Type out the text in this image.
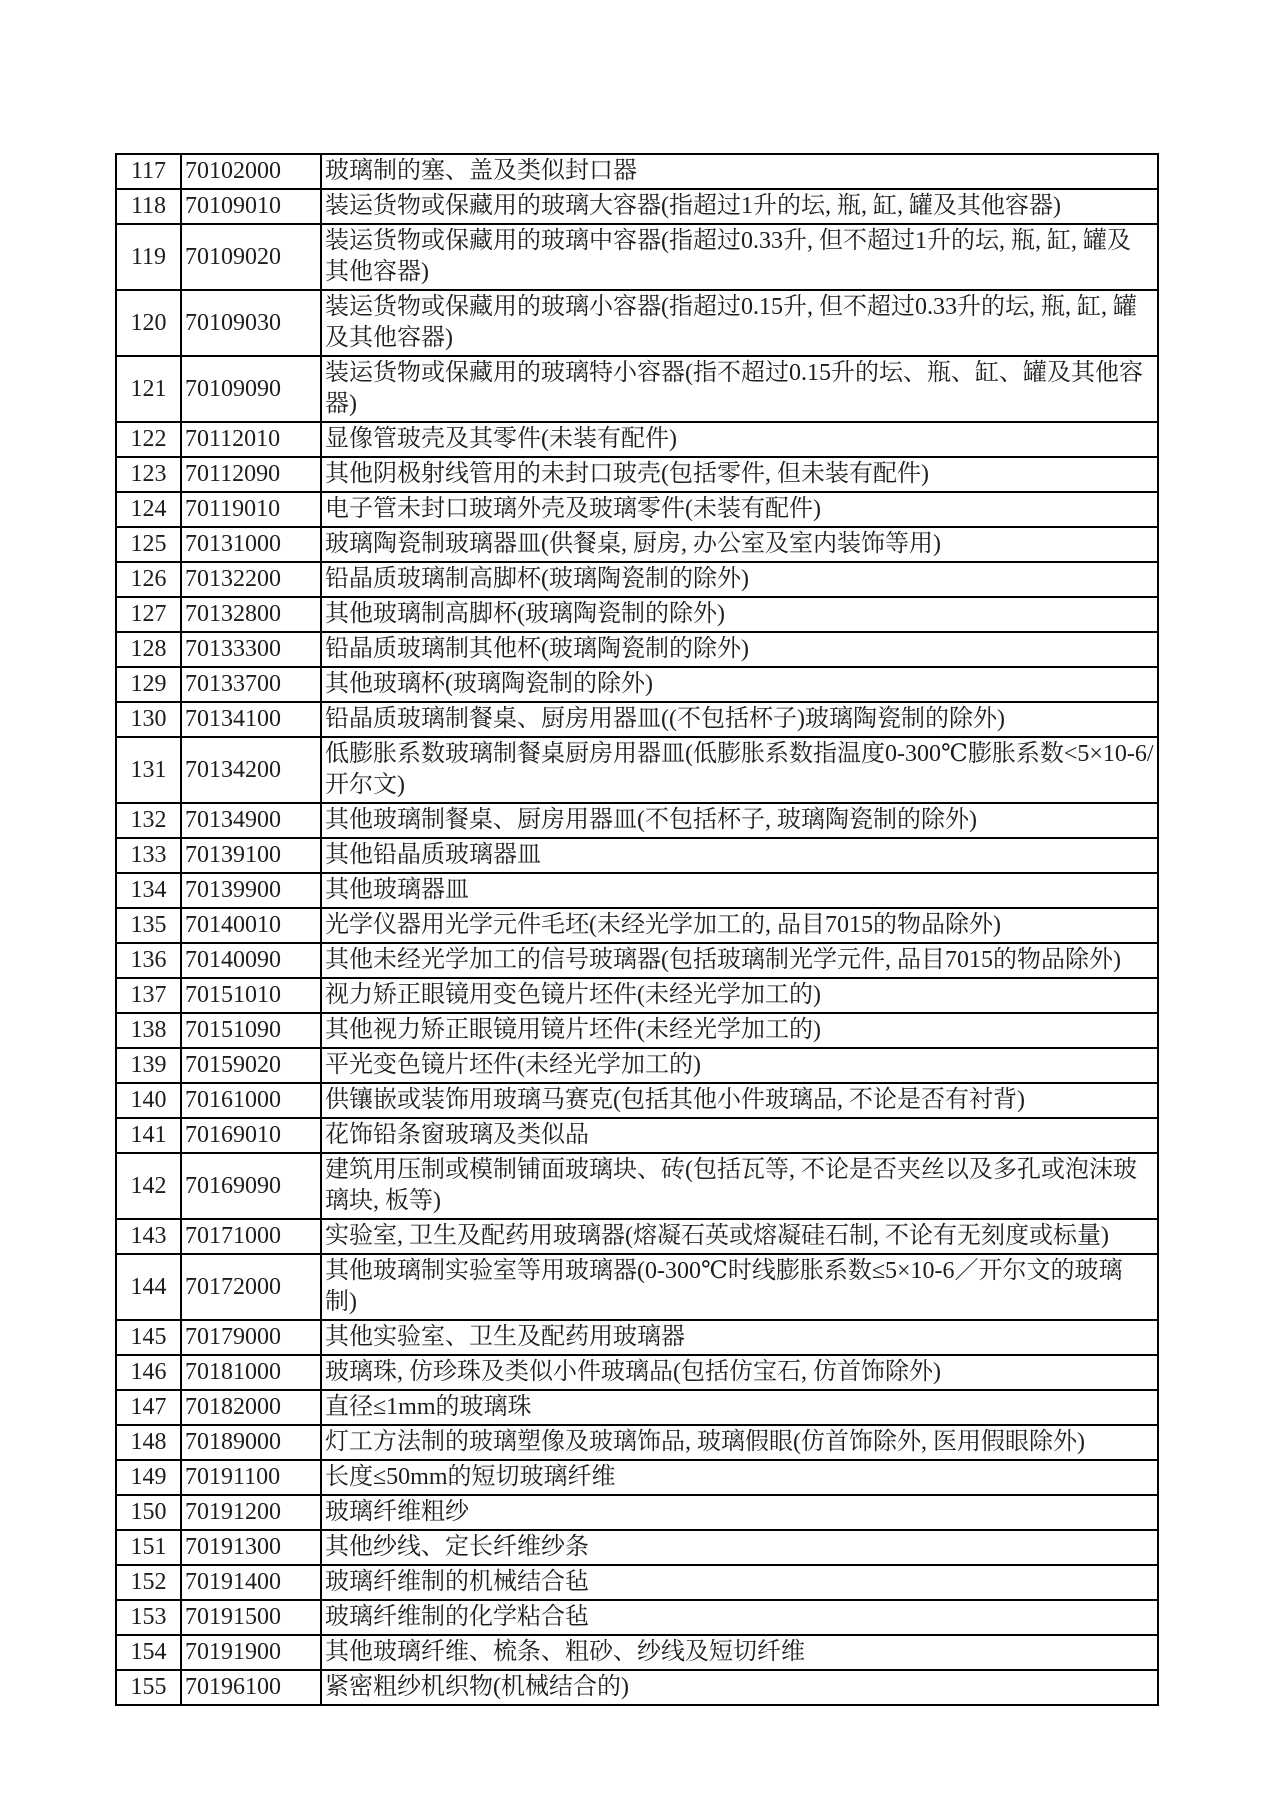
117	70102000	玻璃制的塞、盖及类似封口器
118	70109010	装运货物或保藏用的玻璃大容器(指超过1升的坛, 瓶, 缸, 罐及其他容器)
119	70109020	装运货物或保藏用的玻璃中容器(指超过0.33升, 但不超过1升的坛, 瓶, 缸, 罐及其他容器)
120	70109030	装运货物或保藏用的玻璃小容器(指超过0.15升, 但不超过0.33升的坛, 瓶, 缸, 罐及其他容器)
121	70109090	装运货物或保藏用的玻璃特小容器(指不超过0.15升的坛、瓶、缸、罐及其他容器)
122	70112010	显像管玻壳及其零件(未装有配件)
123	70112090	其他阴极射线管用的未封口玻壳(包括零件, 但未装有配件)
124	70119010	电子管未封口玻璃外壳及玻璃零件(未装有配件)
125	70131000	玻璃陶瓷制玻璃器皿(供餐桌, 厨房, 办公室及室内装饰等用)
126	70132200	铅晶质玻璃制高脚杯(玻璃陶瓷制的除外)
127	70132800	其他玻璃制高脚杯(玻璃陶瓷制的除外)
128	70133300	铅晶质玻璃制其他杯(玻璃陶瓷制的除外)
129	70133700	其他玻璃杯(玻璃陶瓷制的除外)
130	70134100	铅晶质玻璃制餐桌、厨房用器皿((不包括杯子)玻璃陶瓷制的除外)
131	70134200	低膨胀系数玻璃制餐桌厨房用器皿(低膨胀系数指温度0-300℃膨胀系数<5×10-6/开尔文)
132	70134900	其他玻璃制餐桌、厨房用器皿(不包括杯子, 玻璃陶瓷制的除外)
133	70139100	其他铅晶质玻璃器皿
134	70139900	其他玻璃器皿
135	70140010	光学仪器用光学元件毛坯(未经光学加工的, 品目7015的物品除外)
136	70140090	其他未经光学加工的信号玻璃器(包括玻璃制光学元件, 品目7015的物品除外)
137	70151010	视力矫正眼镜用变色镜片坯件(未经光学加工的)
138	70151090	其他视力矫正眼镜用镜片坯件(未经光学加工的)
139	70159020	平光变色镜片坯件(未经光学加工的)
140	70161000	供镶嵌或装饰用玻璃马赛克(包括其他小件玻璃品, 不论是否有衬背)
141	70169010	花饰铅条窗玻璃及类似品
142	70169090	建筑用压制或模制铺面玻璃块、砖(包括瓦等, 不论是否夹丝以及多孔或泡沫玻璃块, 板等)
143	70171000	实验室, 卫生及配药用玻璃器(熔凝石英或熔凝硅石制, 不论有无刻度或标量)
144	70172000	其他玻璃制实验室等用玻璃器(0-300℃时线膨胀系数≤5×10-6／开尔文的玻璃制)
145	70179000	其他实验室、卫生及配药用玻璃器
146	70181000	玻璃珠, 仿珍珠及类似小件玻璃品(包括仿宝石, 仿首饰除外)
147	70182000	直径≤1mm的玻璃珠
148	70189000	灯工方法制的玻璃塑像及玻璃饰品, 玻璃假眼(仿首饰除外, 医用假眼除外)
149	70191100	长度≤50mm的短切玻璃纤维
150	70191200	玻璃纤维粗纱
151	70191300	其他纱线、定长纤维纱条
152	70191400	玻璃纤维制的机械结合毡
153	70191500	玻璃纤维制的化学粘合毡
154	70191900	其他玻璃纤维、梳条、粗砂、纱线及短切纤维
155	70196100	紧密粗纱机织物(机械结合的)
